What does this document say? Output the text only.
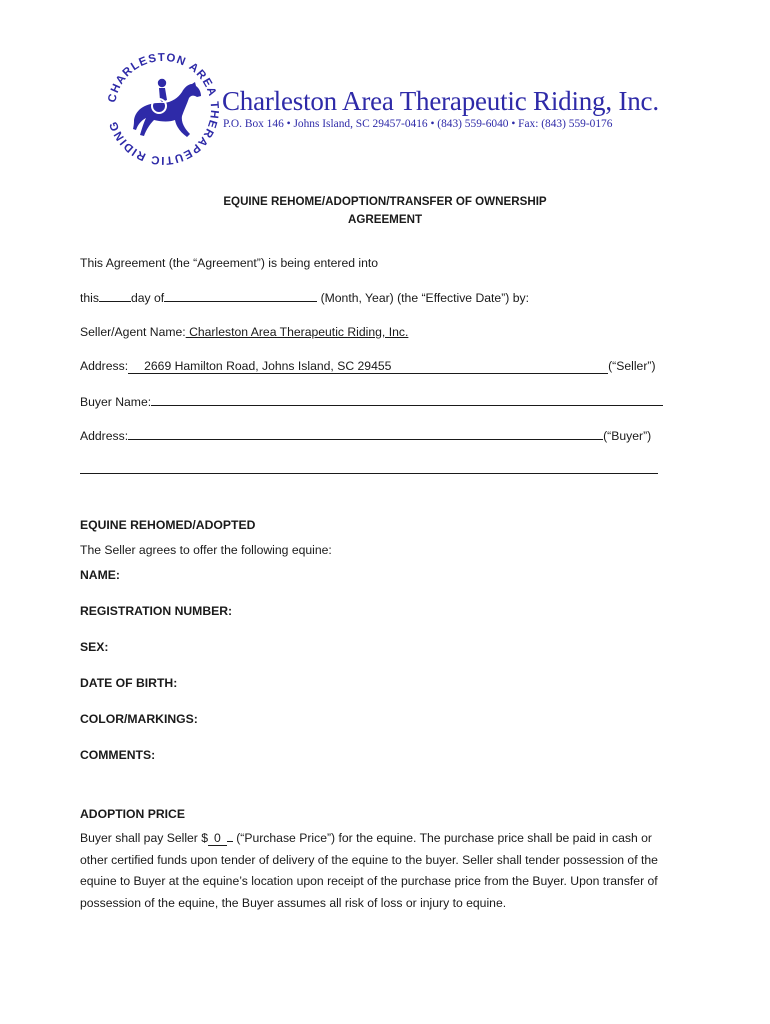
CHARLESTON AREA THERAPEUTIC RIDING
Charleston Area Therapeutic Riding, Inc.
P.O. Box 146 • Johns Island, SC 29457-0416 • (843) 559-6040 • Fax: (843) 559-0176
EQUINE REHOME/ADOPTION/TRANSFER OF OWNERSHIP
AGREEMENT
This Agreement (the “Agreement”) is being entered into
this	day of	(Month, Year) (the “Effective Date”) by:
Seller/Agent Name: Charleston Area Therapeutic Riding, Inc.
Address: 2669 Hamilton Road, Johns Island, SC 29455	(“Seller”)
Buyer Name:
Address:	(“Buyer”)
EQUINE REHOMED/ADOPTED
The Seller agrees to offer the following equine:
NAME:
REGISTRATION NUMBER:
SEX:
DATE OF BIRTH:
COLOR/MARKINGS:
COMMENTS:
ADOPTION PRICE
Buyer shall pay Seller $ 0 (“Purchase Price”) for the equine. The purchase price shall be paid in cash or other certified funds upon tender of delivery of the equine to the buyer. Seller shall tender possession of the equine to Buyer at the equine’s location upon receipt of the purchase price from the Buyer. Upon transfer of possession of the equine, the Buyer assumes all risk of loss or injury to equine.
